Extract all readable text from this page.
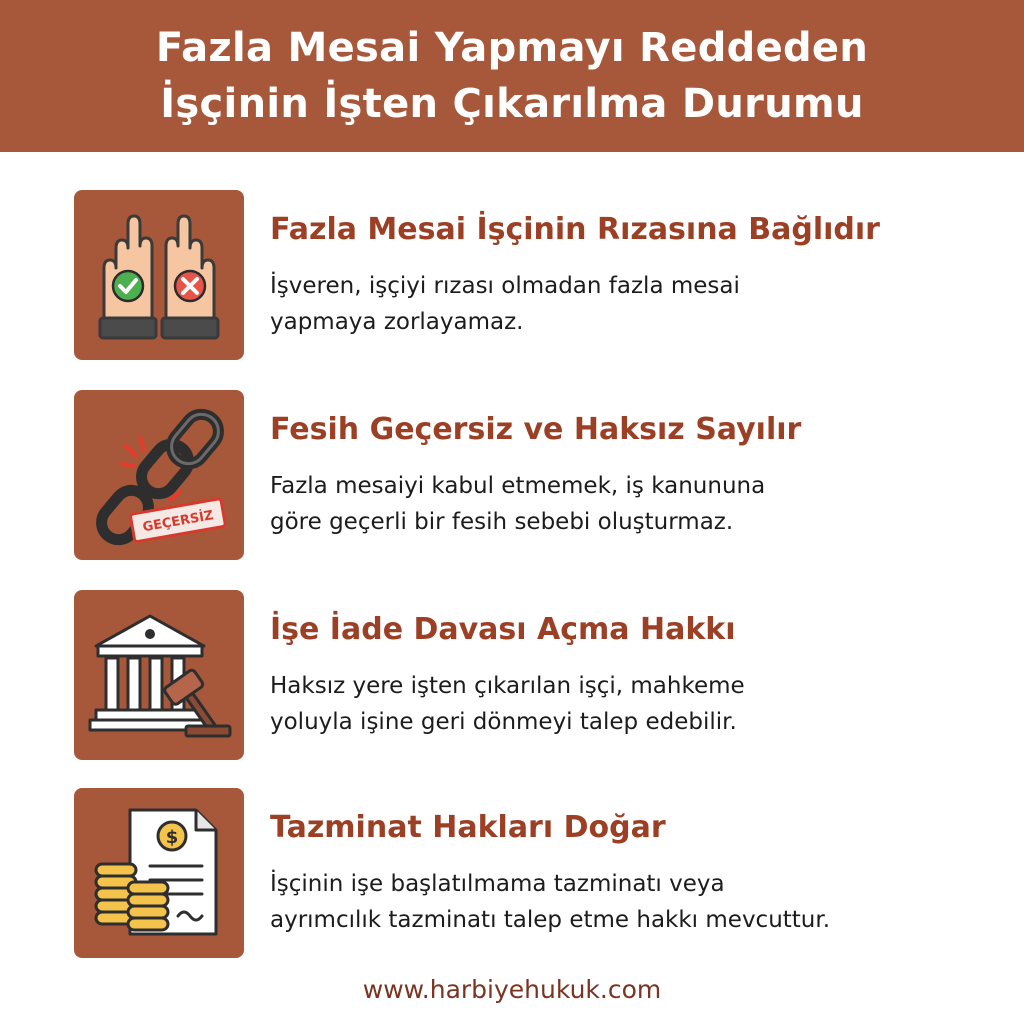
Fazla Mesai Yapmayı Reddeden
İşçinin İşten Çıkarılma Durumu
Fazla Mesai İşçinin Rızasına Bağlıdır
İşveren, işçiyi rızası olmadan fazla mesai
yapmaya zorlayamaz.
GEÇERSİZ
Fesih Geçersiz ve Haksız Sayılır
Fazla mesaiyi kabul etmemek, iş kanununa
göre geçerli bir fesih sebebi oluşturmaz.
İşe İade Davası Açma Hakkı
Haksız yere işten çıkarılan işçi, mahkeme
yoluyla işine geri dönmeyi talep edebilir.
$	Tazminat Hakları Doğar
İşçinin işe başlatılmama tazminatı veya
ayrımcılık tazminatı talep etme hakkı mevcuttur.
www.harbiyehukuk.com
